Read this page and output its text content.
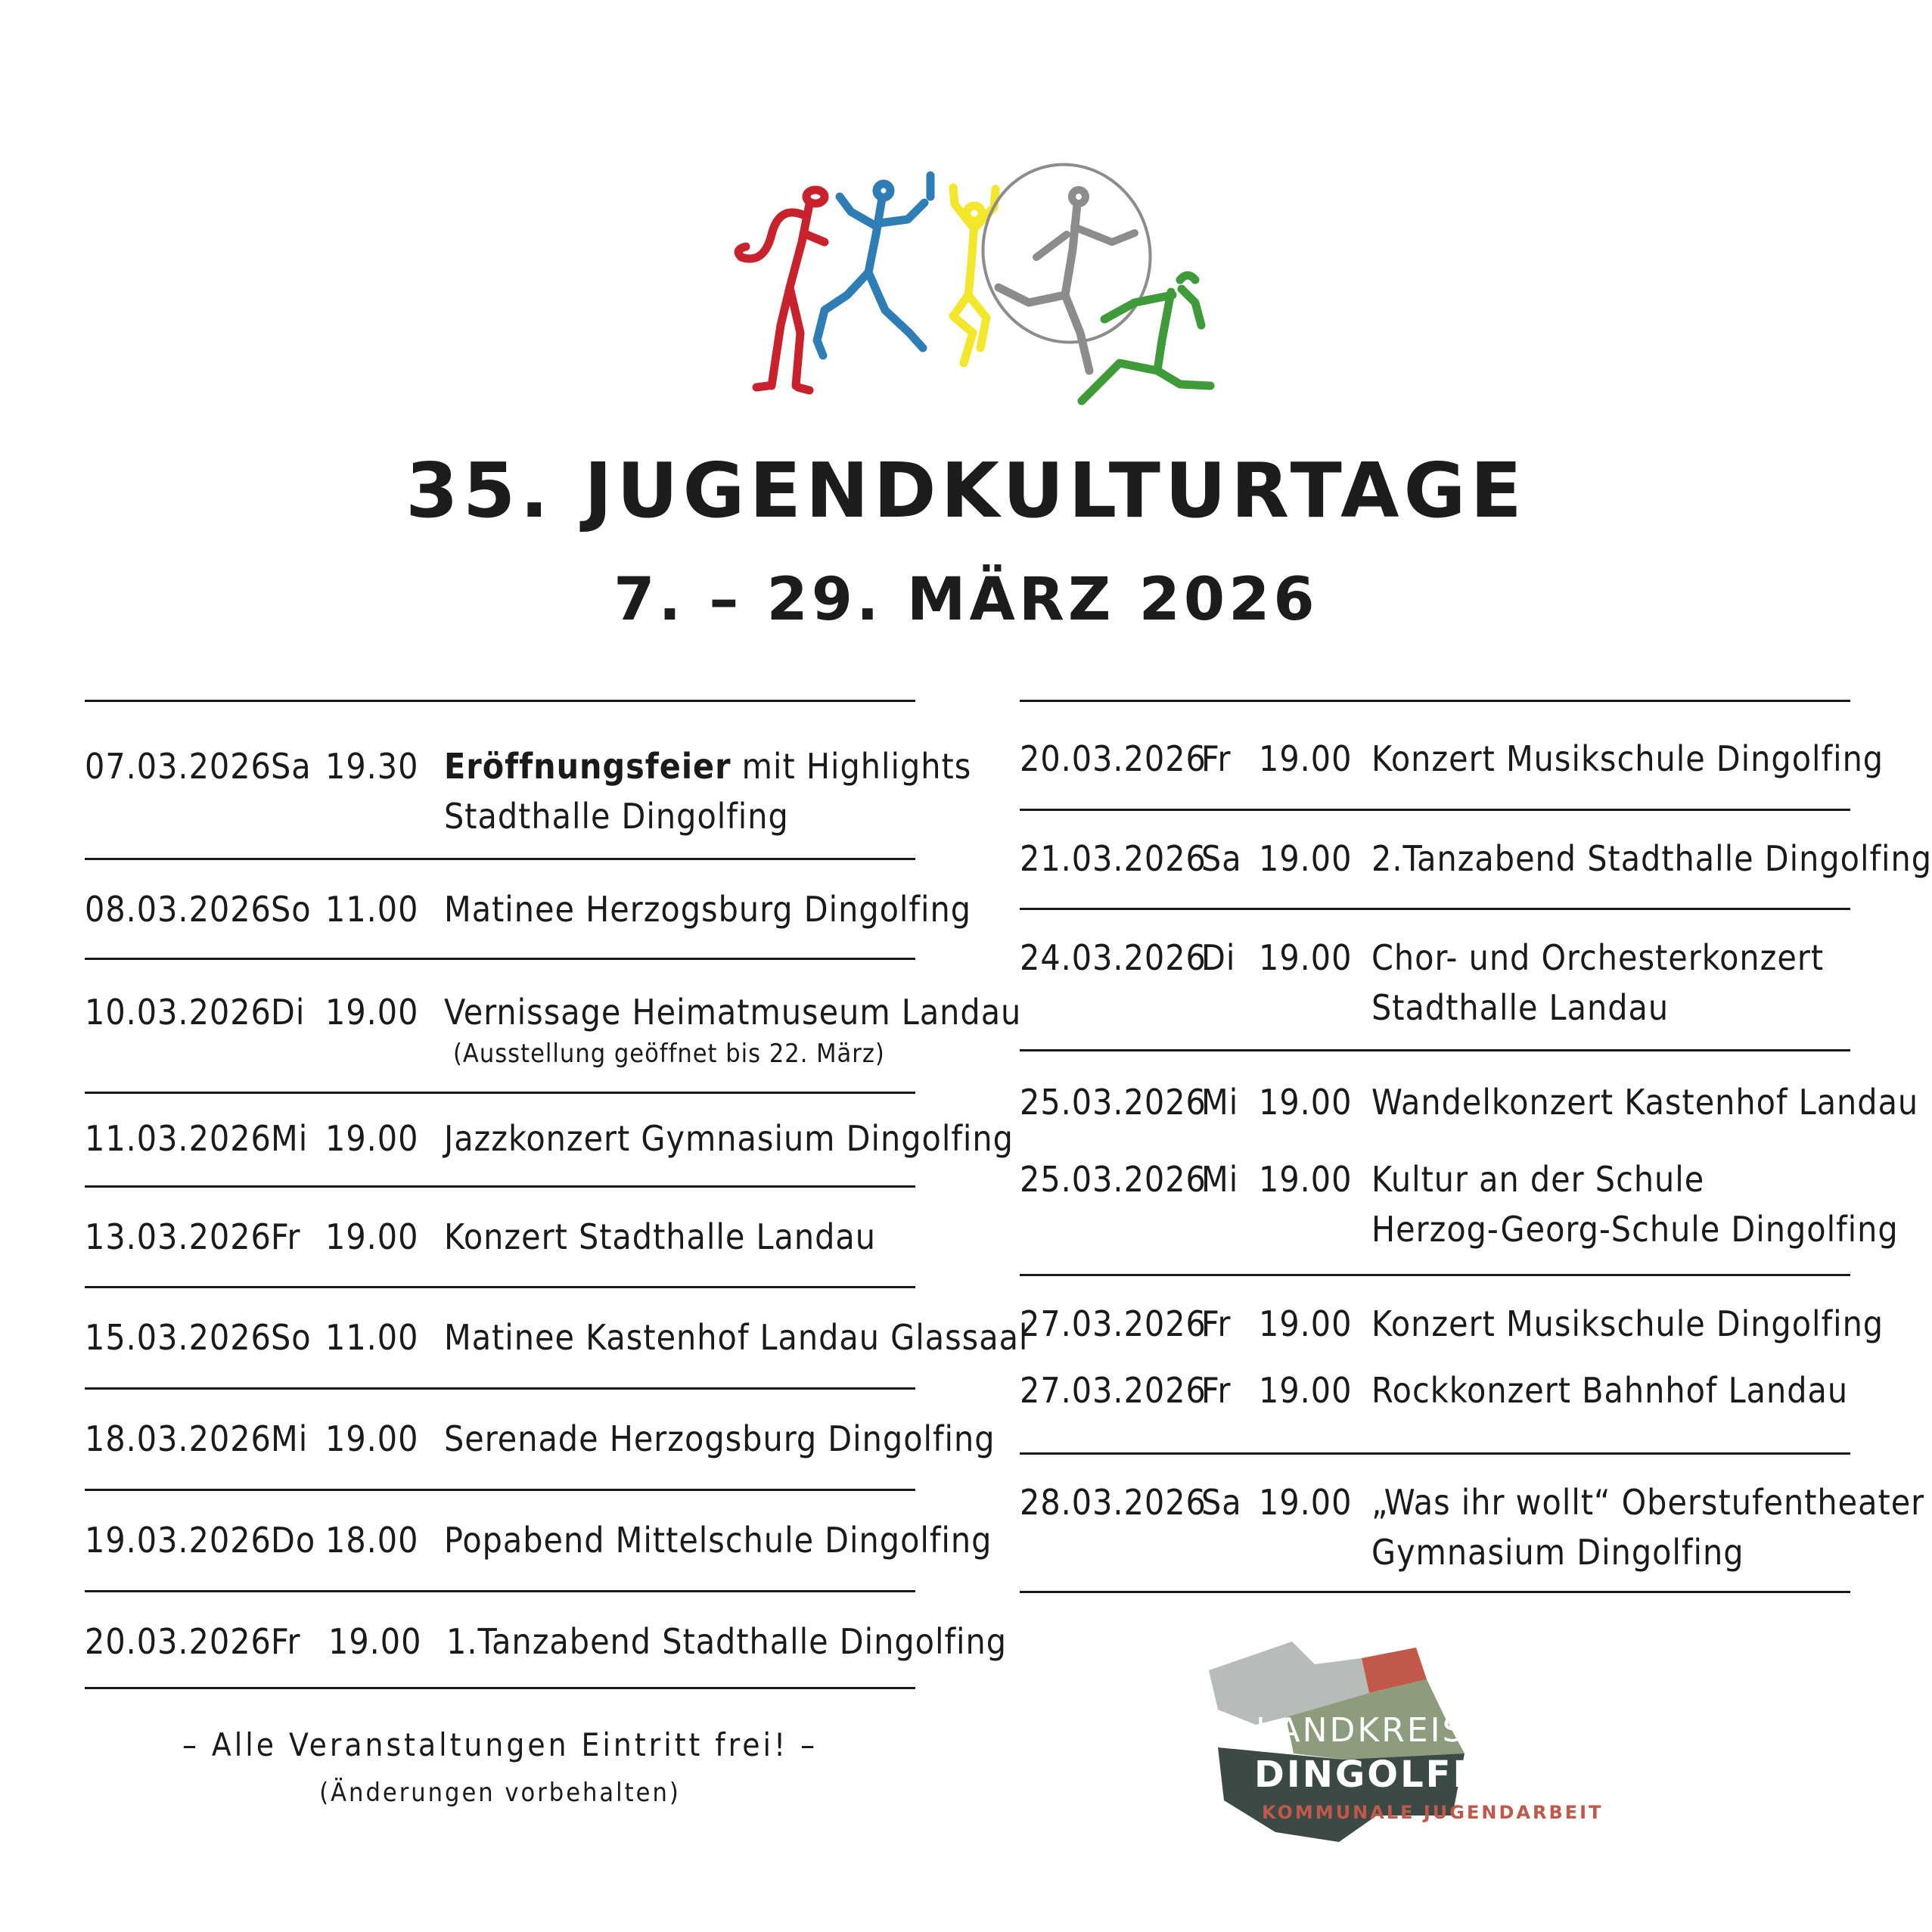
35. JUGENDKULTURTAGE
7. – 29. MÄRZ 2026
07.03.2026 Sa 19.30 Eröffnungsfeier mit Highlights
Stadthalle Dingolfing
08.03.2026 So 11.00 Matinee Herzogsburg Dingolfing
10.03.2026 Di 19.00 Vernissage Heimatmuseum Landau
(Ausstellung geöffnet bis 22. März)
11.03.2026 Mi 19.00 Jazzkonzert Gymnasium Dingolfing
13.03.2026 Fr 19.00 Konzert Stadthalle Landau
15.03.2026 So 11.00 Matinee Kastenhof Landau Glassaal
18.03.2026 Mi 19.00 Serenade Herzogsburg Dingolfing
19.03.2026 Do 18.00 Popabend Mittelschule Dingolfing
20.03.2026 Fr 19.00 1.Tanzabend Stadthalle Dingolfing
– Alle Veranstaltungen Eintritt frei! –
(Änderungen vorbehalten)
20.03.2026
Fr 19.00 Konzert Musikschule Dingolfing
21.03.2026
Sa 19.00 2.Tanzabend Stadthalle Dingolfing
24.03.2026
Di 19.00 Chor- und Orchesterkonzert
Stadthalle Landau
25.03.2026
Mi 19.00 Wandelkonzert Kastenhof Landau
25.03.2026
Mi 19.00 Kultur an der Schule
Herzog-Georg-Schule Dingolfing
27.03.2026
Fr 19.00 Konzert Musikschule Dingolfing
27.03.2026
Fr 19.00 Rockkonzert Bahnhof Landau
28.03.2026
Sa 19.00 „Was ihr wollt“ Oberstufentheater
Gymnasium Dingolfing
LANDKREIS
DINGOLFING-LANDAU
KOMMUNALE JUGENDARBEIT
